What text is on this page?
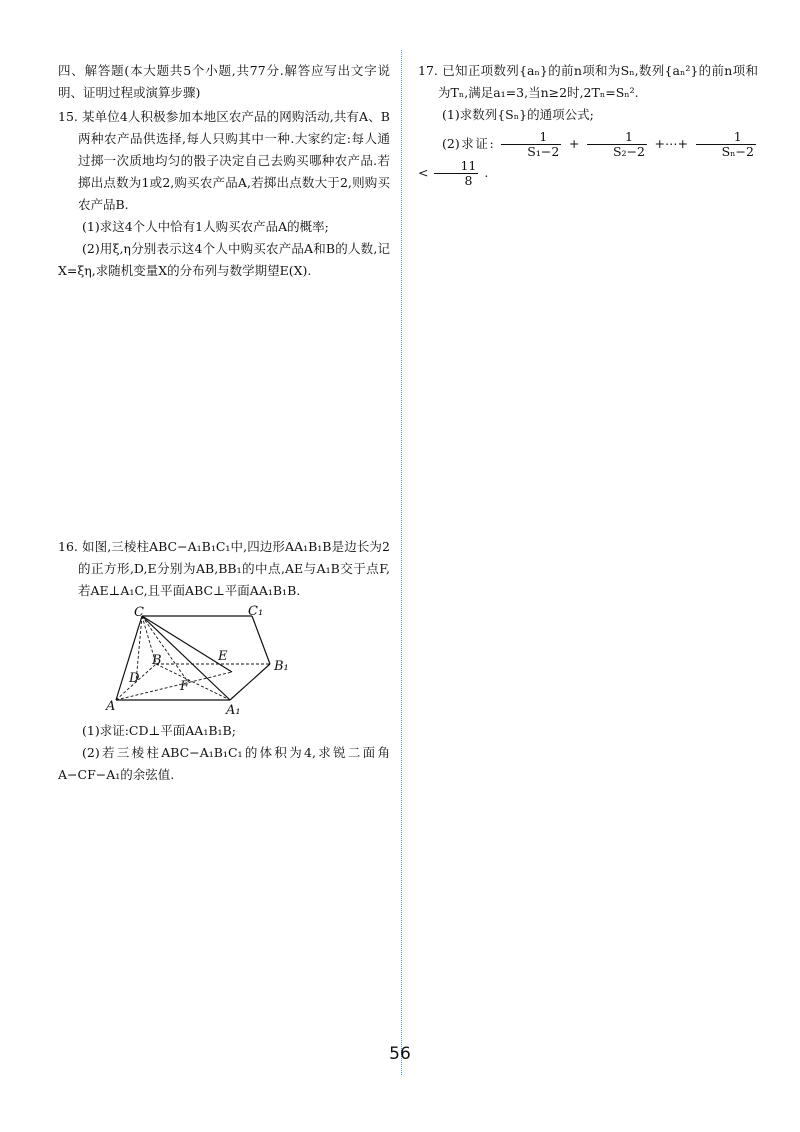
四、解答题(本大题共5个小题,共77分.解答应写出文字说明、证明过程或演算步骤)

15. 某单位4人积极参加本地区农产品的网购活动,共有A、B两种农产品供选择,每人只购其中一种.大家约定:每人通过掷一次质地均匀的骰子决定自己去购买哪种农产品.若掷出点数为1或2,购买农产品A,若掷出点数大于2,则购买农产品B.

(1)求这4个人中恰有1人购买农产品A的概率;

(2)用ξ,η分别表示这4个人中购买农产品A和B的人数,记X=ξη,求随机变量X的分布列与数学期望E(X).

16. 如图,三棱柱ABC−A₁B₁C₁中,四边形AA₁B₁B是边长为2的正方形,D,E分别为AB,BB₁的中点,AE与A₁B交于点F,若AE⊥A₁C,且平面ABC⊥平面AA₁B₁B.

C	C₁
B	E
B₁
D
F
A	A₁

(1)求证:CD⊥平面AA₁B₁B;

(2)若三棱柱ABC−A₁B₁C₁的体积为4,求锐二面角A−CF−A₁的余弦值.

17. 已知正项数列{aₙ}的前n项和为Sₙ,数列{aₙ²}的前n项和为Tₙ,满足a₁=3,当n≥2时,2Tₙ=Sₙ².

(1)求数列{Sₙ}的通项公式;

(2)求证: $\frac{1}{\text{S₁−2}} + \frac{1}{\text{S₂−2}}$ +⋯+ $\frac{1}{\text{Sₙ−2}}$
< $\frac{11}{8}$ .

56
